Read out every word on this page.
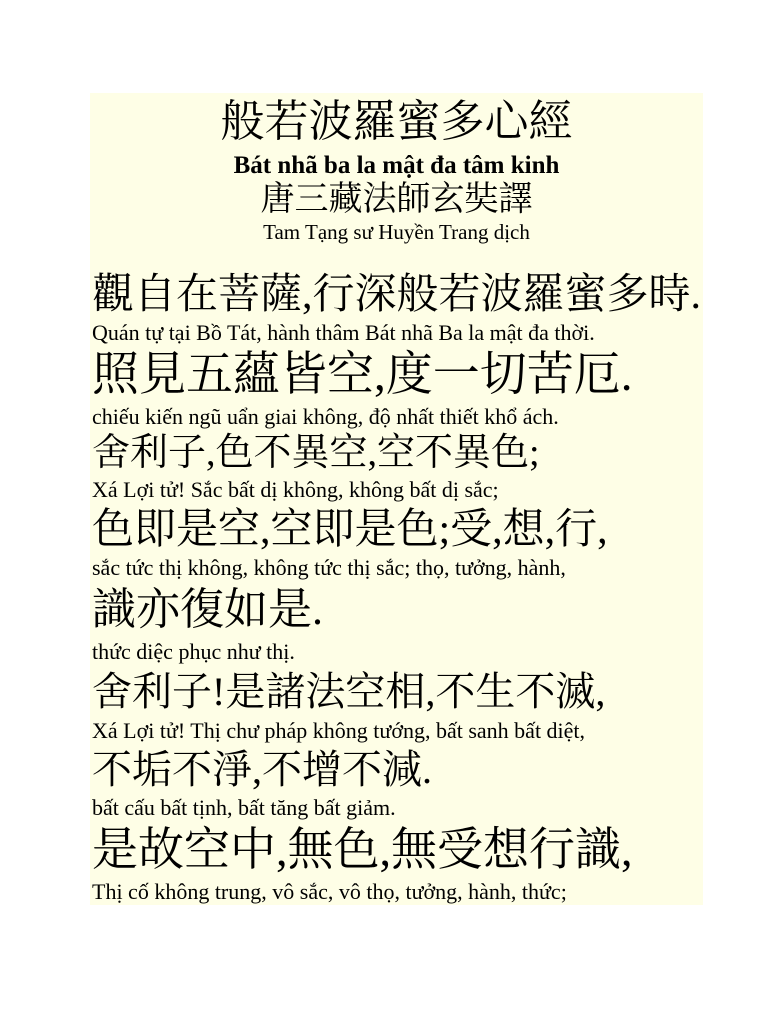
般若波羅蜜多心經
Bát nhã ba la mật đa tâm kinh
唐三藏法師玄奘譯
Tam Tạng sư Huyền Trang dịch
觀自在菩薩,行深般若波羅蜜多時.
Quán tự tại Bồ Tát, hành thâm Bát nhã Ba la mật đa thời.
照見五蘊皆空,度一切苦厄.
chiếu kiến ngũ uẩn giai không, độ nhất thiết khổ ách.
舍利子,色不異空,空不異色;
Xá Lợi tử! Sắc bất dị không, không bất dị sắc;
色即是空,空即是色;受,想,行,
sắc tức thị không, không tức thị sắc; thọ, tưởng, hành,
識亦復如是.
thức diệc phục như thị.
舍利子!是諸法空相,不生不滅,
Xá Lợi tử! Thị chư pháp không tướng, bất sanh bất diệt,
不垢不淨,不增不減.
bất cấu bất tịnh, bất tăng bất giảm.
是故空中,無色,無受想行識,
Thị cố không trung, vô sắc, vô thọ, tưởng, hành, thức;
